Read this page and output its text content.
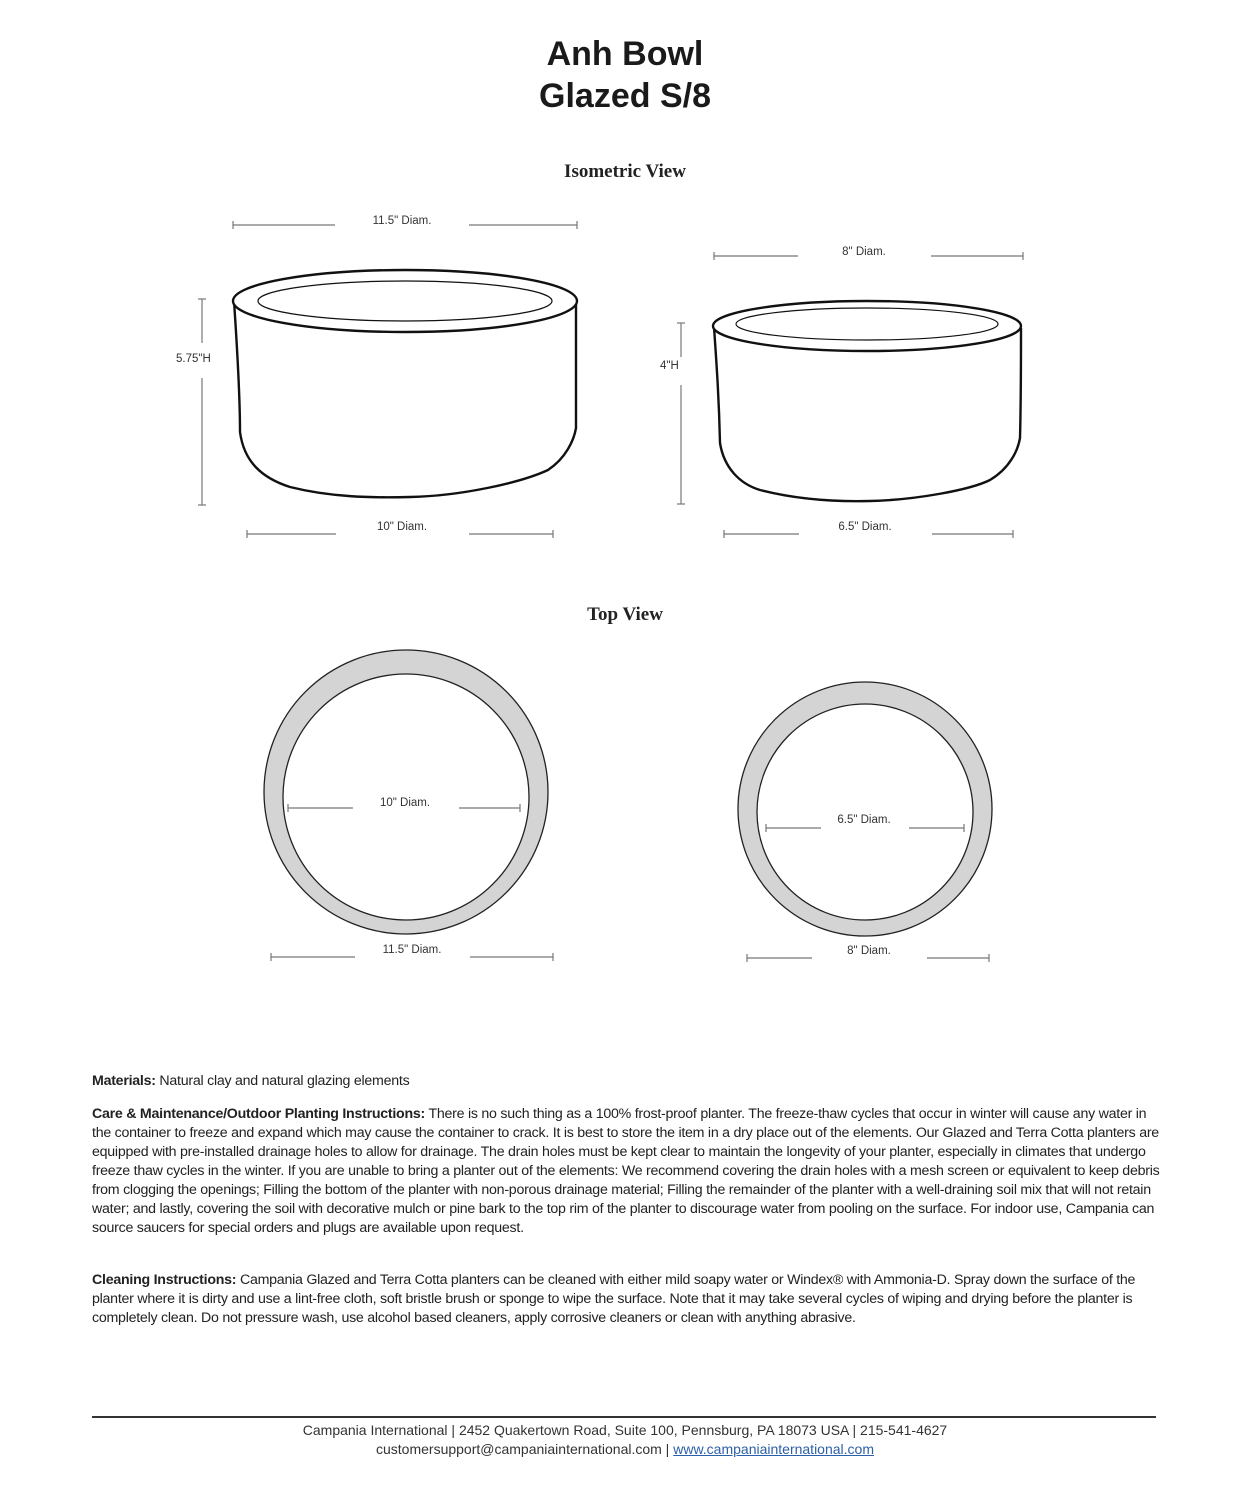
Anh Bowl
Glazed S/8
Isometric View
11.5" Diam.
5.75"H
10" Diam.
8" Diam.
4"H
6.5" Diam.
Top View
10" Diam.
11.5" Diam.
6.5" Diam.
8" Diam.
Materials: Natural clay and natural glazing elements
Care & Maintenance/Outdoor Planting Instructions: There is no such thing as a 100% frost-proof planter. The freeze-thaw cycles that occur in winter will cause any water in the container to freeze and expand which may cause the container to crack. It is best to store the item in a dry place out of the elements. Our Glazed and Terra Cotta planters are equipped with pre-installed drainage holes to allow for drainage. The drain holes must be kept clear to maintain the longevity of your planter, especially in climates that undergo freeze thaw cycles in the winter. If you are unable to bring a planter out of the elements: We recommend covering the drain holes with a mesh screen or equivalent to keep debris from clogging the openings; Filling the bottom of the planter with non-porous drainage material; Filling the remainder of the planter with a well-draining soil mix that will not retain water; and lastly, covering the soil with decorative mulch or pine bark to the top rim of the planter to discourage water from pooling on the surface. For indoor use, Campania can source saucers for special orders and plugs are available upon request.
Cleaning Instructions: Campania Glazed and Terra Cotta planters can be cleaned with either mild soapy water or Windex® with Ammonia-D. Spray down the surface of the planter where it is dirty and use a lint-free cloth, soft bristle brush or sponge to wipe the surface. Note that it may take several cycles of wiping and drying before the planter is completely clean. Do not pressure wash, use alcohol based cleaners, apply corrosive cleaners or clean with anything abrasive.
Campania International | 2452 Quakertown Road, Suite 100, Pennsburg, PA 18073 USA | 215-541-4627
customersupport@campaniainternational.com | www.campaniainternational.com
